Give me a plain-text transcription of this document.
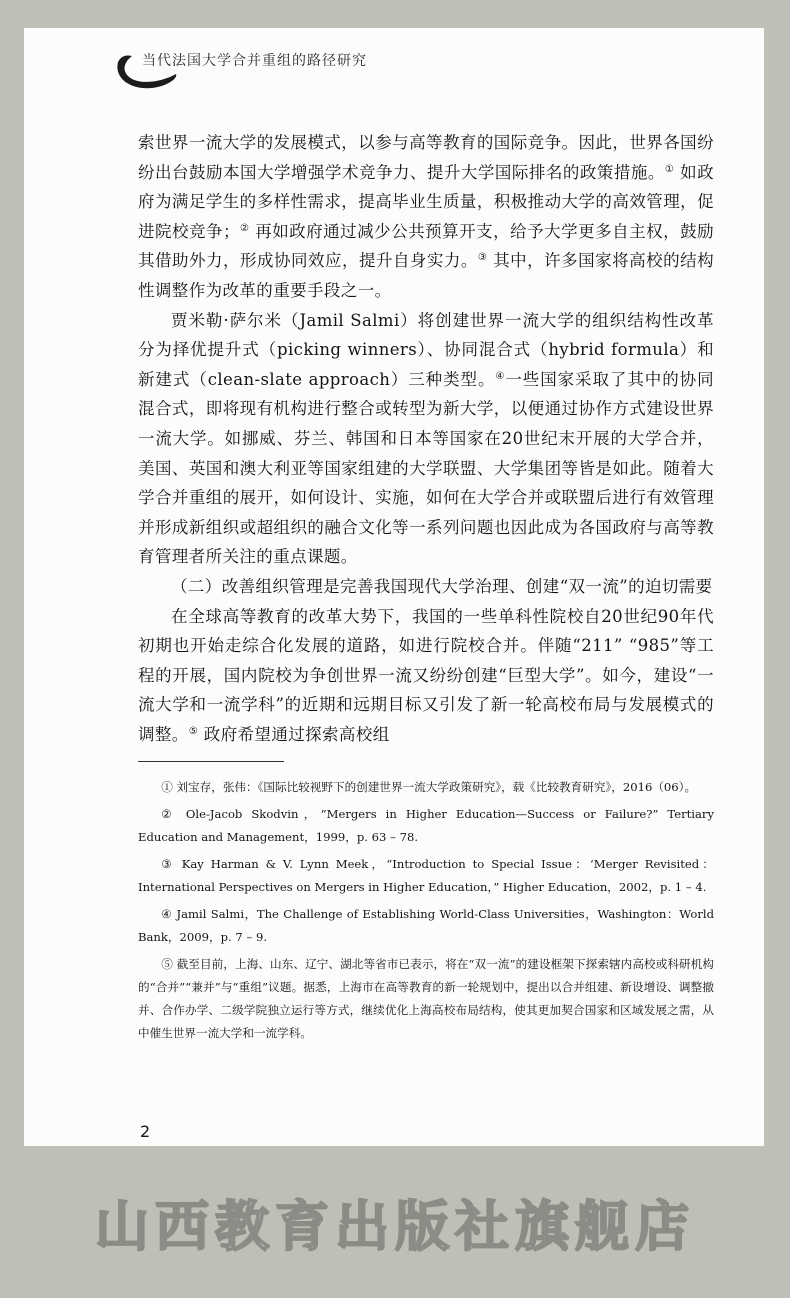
当代法国大学合并重组的路径研究

索世界一流大学的发展模式，以参与高等教育的国际竞争。因此，世界各国纷纷出台鼓励本国大学增强学术竞争力、提升大学国际排名的政策措施。① 如政府为满足学生的多样性需求，提高毕业生质量，积极推动大学的高效管理，促进院校竞争；② 再如政府通过减少公共预算开支，给予大学更多自主权，鼓励其借助外力，形成协同效应，提升自身实力。③ 其中，许多国家将高校的结构性调整作为改革的重要手段之一。

贾米勒·萨尔米（Jamil Salmi）将创建世界一流大学的组织结构性改革分为择优提升式（picking winners）、协同混合式（hybrid formula）和新建式（clean-slate approach）三种类型。④一些国家采取了其中的协同混合式，即将现有机构进行整合或转型为新大学，以便通过协作方式建设世界一流大学。如挪威、芬兰、韩国和日本等国家在20世纪末开展的大学合并，美国、英国和澳大利亚等国家组建的大学联盟、大学集团等皆是如此。随着大学合并重组的展开，如何设计、实施，如何在大学合并或联盟后进行有效管理并形成新组织或超组织的融合文化等一系列问题也因此成为各国政府与高等教育管理者所关注的重点课题。

（二）改善组织管理是完善我国现代大学治理、创建“双一流”的迫切需要

在全球高等教育的改革大势下，我国的一些单科性院校自20世纪90年代初期也开始走综合化发展的道路，如进行院校合并。伴随“211” “985”等工程的开展，国内院校为争创世界一流又纷纷创建“巨型大学”。如今，建设“一流大学和一流学科”的近期和远期目标又引发了新一轮高校布局与发展模式的调整。⑤ 政府希望通过探索高校组

① 刘宝存，张伟：《国际比较视野下的创建世界一流大学政策研究》，载《比较教育研究》，2016（06）。

② Ole-Jacob Skodvin，“Mergers in Higher Education—Success or Failure?” Tertiary Education and Management，1999，p. 63 – 78.

③ Kay Harman & V. Lynn Meek，“Introduction to Special Issue：‘Merger Revisited：International Perspectives on Mergers in Higher Education，” Higher Education，2002，p. 1 – 4.

④ Jamil Salmi，The Challenge of Establishing World-Class Universities，Washington：World Bank，2009，p. 7 – 9.

⑤ 截至目前，上海、山东、辽宁、湖北等省市已表示，将在“双一流”的建设框架下探索辖内高校或科研机构的“合并”“兼并”与“重组”议题。据悉，上海市在高等教育的新一轮规划中，提出以合并组建、新设增设、调整撤并、合作办学、二级学院独立运行等方式，继续优化上海高校布局结构，使其更加契合国家和区域发展之需，从中催生世界一流大学和一流学科。

2
山西教育出版社旗舰店
